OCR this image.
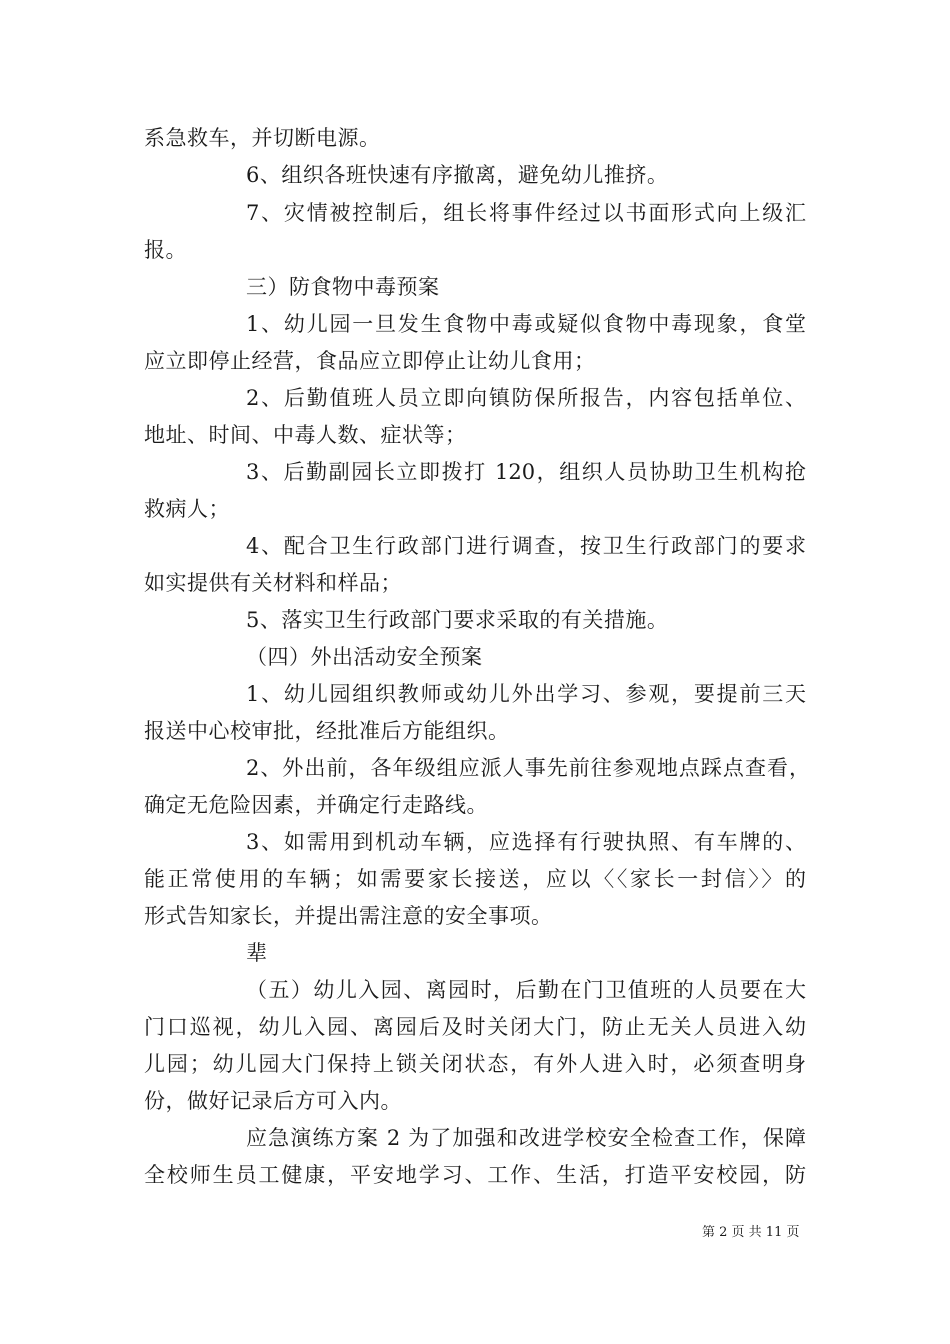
系急救车，并切断电源。
6、组织各班快速有序撤离，避免幼儿推挤。
7、灾情被控制后，组长将事件经过以书面形式向上级汇
报。
三）防食物中毒预案
1、幼儿园一旦发生食物中毒或疑似食物中毒现象，食堂
应立即停止经营，食品应立即停止让幼儿食用；
2、后勤值班人员立即向镇防保所报告，内容包括单位、
地址、时间、中毒人数、症状等；
3、后勤副园长立即拨打 120，组织人员协助卫生机构抢
救病人；
4、配合卫生行政部门进行调查，按卫生行政部门的要求
如实提供有关材料和样品；
5、落实卫生行政部门要求采取的有关措施。
（四）外出活动安全预案
1、幼儿园组织教师或幼儿外出学习、参观，要提前三天
报送中心校审批，经批准后方能组织。
2、外出前，各年级组应派人事先前往参观地点踩点查看，
确定无危险因素，并确定行走路线。
3、如需用到机动车辆，应选择有行驶执照、有车牌的、
能正常使用的车辆；如需要家长接送，应以〈〈家长一封信〉〉的
形式告知家长，并提出需注意的安全事项。
辈
（五）幼儿入园、离园时，后勤在门卫值班的人员要在大
门口巡视，幼儿入园、离园后及时关闭大门，防止无关人员进入幼
儿园；幼儿园大门保持上锁关闭状态，有外人进入时，必须查明身
份，做好记录后方可入内。
应急演练方案 2 为了加强和改进学校安全检查工作，保障
全校师生员工健康，平安地学习、工作、生活，打造平安校园，防
第 2 页 共 11 页
